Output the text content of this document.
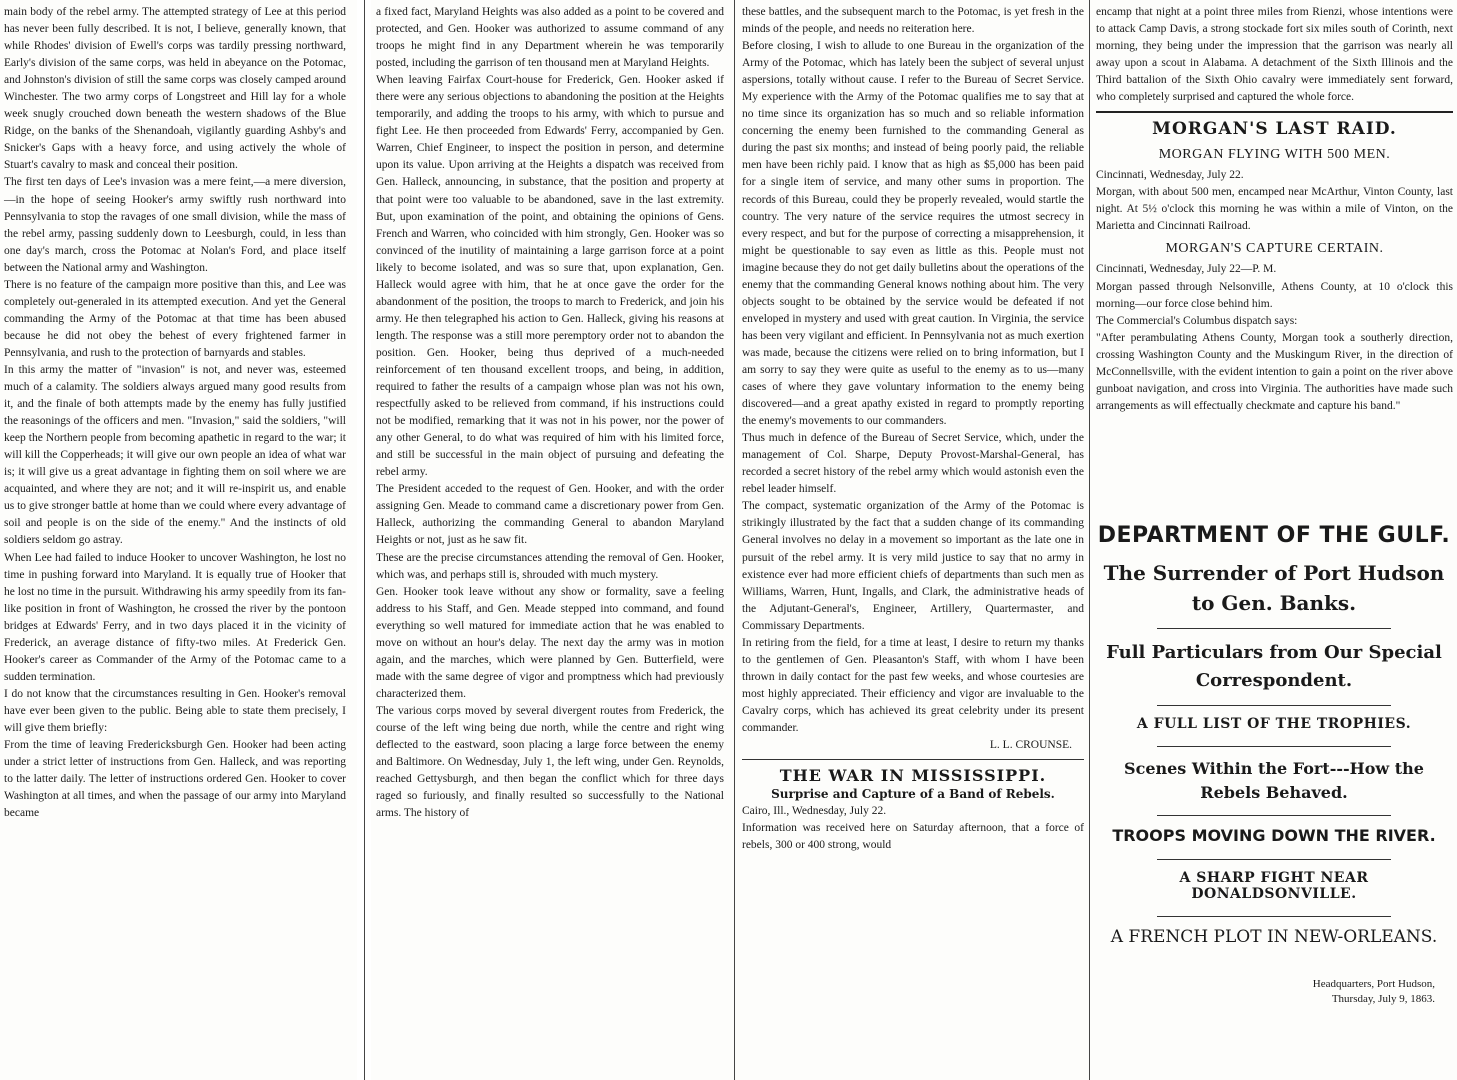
main body of the rebel army. The attempted strategy of Lee at this period has never been fully described. It is not, I believe, generally known, that while Rhodes' division of Ewell's corps was tardily pressing northward, Early's division of the same corps, was held in abeyance on the Potomac, and Johnston's division of still the same corps was closely camped around Winchester. The two army corps of Longstreet and Hill lay for a whole week snugly crouched down beneath the western shadows of the Blue Ridge, on the banks of the Shenandoah, vigilantly guarding Ashby's and Snicker's Gaps with a heavy force, and using actively the whole of Stuart's cavalry to mask and conceal their position.

The first ten days of Lee's invasion was a mere feint,—a mere diversion,—in the hope of seeing Hooker's army swiftly rush northward into Pennsylvania to stop the ravages of one small division, while the mass of the rebel army, passing suddenly down to Leesburgh, could, in less than one day's march, cross the Potomac at Nolan's Ford, and place itself between the National army and Washington.

There is no feature of the campaign more positive than this, and Lee was completely out-generaled in its attempted execution. And yet the General commanding the Army of the Potomac at that time has been abused because he did not obey the behest of every frightened farmer in Pennsylvania, and rush to the protection of barnyards and stables.

In this army the matter of "invasion" is not, and never was, esteemed much of a calamity. The soldiers always argued many good results from it, and the finale of both attempts made by the enemy has fully justified the reasonings of the officers and men. "Invasion," said the soldiers, "will keep the Northern people from becoming apathetic in regard to the war; it will kill the Copperheads; it will give our own people an idea of what war is; it will give us a great advantage in fighting them on soil where we are acquainted, and where they are not; and it will re-inspirit us, and enable us to give stronger battle at home than we could where every advantage of soil and people is on the side of the enemy." And the instincts of old soldiers seldom go astray.

When Lee had failed to induce Hooker to uncover Washington, he lost no time in pushing forward into Maryland. It is equally true of Hooker that he lost no time in the pursuit. Withdrawing his army speedily from its fan-like position in front of Washington, he crossed the river by the pontoon bridges at Edwards' Ferry, and in two days placed it in the vicinity of Frederick, an average distance of fifty-two miles. At Frederick Gen. Hooker's career as Commander of the Army of the Potomac came to a sudden termination.

I do not know that the circumstances resulting in Gen. Hooker's removal have ever been given to the public. Being able to state them precisely, I will give them briefly:

From the time of leaving Fredericksburgh Gen. Hooker had been acting under a strict letter of instructions from Gen. Halleck, and was reporting to the latter daily. The letter of instructions ordered Gen. Hooker to cover Washington at all times, and when the passage of our army into Maryland became

a fixed fact, Maryland Heights was also added as a point to be covered and protected, and Gen. Hooker was authorized to assume command of any troops he might find in any Department wherein he was temporarily posted, including the garrison of ten thousand men at Maryland Heights.

When leaving Fairfax Court-house for Frederick, Gen. Hooker asked if there were any serious objections to abandoning the position at the Heights temporarily, and adding the troops to his army, with which to pursue and fight Lee. He then proceeded from Edwards' Ferry, accompanied by Gen. Warren, Chief Engineer, to inspect the position in person, and determine upon its value. Upon arriving at the Heights a dispatch was received from Gen. Halleck, announcing, in substance, that the position and property at that point were too valuable to be abandoned, save in the last extremity. But, upon examination of the point, and obtaining the opinions of Gens. French and Warren, who coincided with him strongly, Gen. Hooker was so convinced of the inutility of maintaining a large garrison force at a point likely to become isolated, and was so sure that, upon explanation, Gen. Halleck would agree with him, that he at once gave the order for the abandonment of the position, the troops to march to Frederick, and join his army. He then telegraphed his action to Gen. Halleck, giving his reasons at length. The response was a still more peremptory order not to abandon the position. Gen. Hooker, being thus deprived of a much-needed reinforcement of ten thousand excellent troops, and being, in addition, required to father the results of a campaign whose plan was not his own, respectfully asked to be relieved from command, if his instructions could not be modified, remarking that it was not in his power, nor the power of any other General, to do what was required of him with his limited force, and still be successful in the main object of pursuing and defeating the rebel army.

The President acceded to the request of Gen. Hooker, and with the order assigning Gen. Meade to command came a discretionary power from Gen. Halleck, authorizing the commanding General to abandon Maryland Heights or not, just as he saw fit.

These are the precise circumstances attending the removal of Gen. Hooker, which was, and perhaps still is, shrouded with much mystery.

Gen. Hooker took leave without any show or formality, save a feeling address to his Staff, and Gen. Meade stepped into command, and found everything so well matured for immediate action that he was enabled to move on without an hour's delay. The next day the army was in motion again, and the marches, which were planned by Gen. Butterfield, were made with the same degree of vigor and promptness which had previously characterized them.

The various corps moved by several divergent routes from Frederick, the course of the left wing being due north, while the centre and right wing deflected to the eastward, soon placing a large force between the enemy and Baltimore. On Wednesday, July 1, the left wing, under Gen. Reynolds, reached Gettysburgh, and then began the conflict which for three days raged so furiously, and finally resulted so successfully to the National arms. The history of

these battles, and the subsequent march to the Potomac, is yet fresh in the minds of the people, and needs no reiteration here.

Before closing, I wish to allude to one Bureau in the organization of the Army of the Potomac, which has lately been the subject of several unjust aspersions, totally without cause. I refer to the Bureau of Secret Service. My experience with the Army of the Potomac qualifies me to say that at no time since its organization has so much and so reliable information concerning the enemy been furnished to the commanding General as during the past six months; and instead of being poorly paid, the reliable men have been richly paid. I know that as high as $5,000 has been paid for a single item of service, and many other sums in proportion. The records of this Bureau, could they be properly revealed, would startle the country. The very nature of the service requires the utmost secrecy in every respect, and but for the purpose of correcting a misapprehension, it might be questionable to say even as little as this. People must not imagine because they do not get daily bulletins about the operations of the enemy that the commanding General knows nothing about him. The very objects sought to be obtained by the service would be defeated if not enveloped in mystery and used with great caution. In Virginia, the service has been very vigilant and efficient. In Pennsylvania not as much exertion was made, because the citizens were relied on to bring information, but I am sorry to say they were quite as useful to the enemy as to us—many cases of where they gave voluntary information to the enemy being discovered—and a great apathy existed in regard to promptly reporting the enemy's movements to our commanders.

Thus much in defence of the Bureau of Secret Service, which, under the management of Col. Sharpe, Deputy Provost-Marshal-General, has recorded a secret history of the rebel army which would astonish even the rebel leader himself.

The compact, systematic organization of the Army of the Potomac is strikingly illustrated by the fact that a sudden change of its commanding General involves no delay in a movement so important as the late one in pursuit of the rebel army. It is very mild justice to say that no army in existence ever had more efficient chiefs of departments than such men as Williams, Warren, Hunt, Ingalls, and Clark, the administrative heads of the Adjutant-General's, Engineer, Artillery, Quartermaster, and Commissary Departments.

In retiring from the field, for a time at least, I desire to return my thanks to the gentlemen of Gen. Pleasanton's Staff, with whom I have been thrown in daily contact for the past few weeks, and whose courtesies are most highly appreciated. Their efficiency and vigor are invaluable to the Cavalry corps, which has achieved its great celebrity under its present commander.

L. L. CROUNSE.

THE WAR IN MISSISSIPPI.
Surprise and Capture of a Band of Rebels.

Cairo, Ill., Wednesday, July 22.

Information was received here on Saturday afternoon, that a force of rebels, 300 or 400 strong, would

encamp that night at a point three miles from Rienzi, whose intentions were to attack Camp Davis, a strong stockade fort six miles south of Corinth, next morning, they being under the impression that the garrison was nearly all away upon a scout in Alabama. A detachment of the Sixth Illinois and the Third battalion of the Sixth Ohio cavalry were immediately sent forward, who completely surprised and captured the whole force.

MORGAN'S LAST RAID.
MORGAN FLYING WITH 500 MEN.

Cincinnati, Wednesday, July 22.

Morgan, with about 500 men, encamped near McArthur, Vinton County, last night. At 5½ o'clock this morning he was within a mile of Vinton, on the Marietta and Cincinnati Railroad.

MORGAN'S CAPTURE CERTAIN.

Cincinnati, Wednesday, July 22—P. M.

Morgan passed through Nelsonville, Athens County, at 10 o'clock this morning—our force close behind him.

The Commercial's Columbus dispatch says:

"After perambulating Athens County, Morgan took a southerly direction, crossing Washington County and the Muskingum River, in the direction of McConnellsville, with the evident intention to gain a point on the river above gunboat navigation, and cross into Virginia. The authorities have made such arrangements as will effectually checkmate and capture his band."

DEPARTMENT OF THE GULF.
The Surrender of Port Hudson to Gen. Banks.
Full Particulars from Our Special Correspondent.
A FULL LIST OF THE TROPHIES.
Scenes Within the Fort---How the Rebels Behaved.
TROOPS MOVING DOWN THE RIVER.
A SHARP FIGHT NEAR DONALDSONVILLE.
A FRENCH PLOT IN NEW-ORLEANS.
Headquarters, Port Hudson,
Thursday, July 9, 1863.
